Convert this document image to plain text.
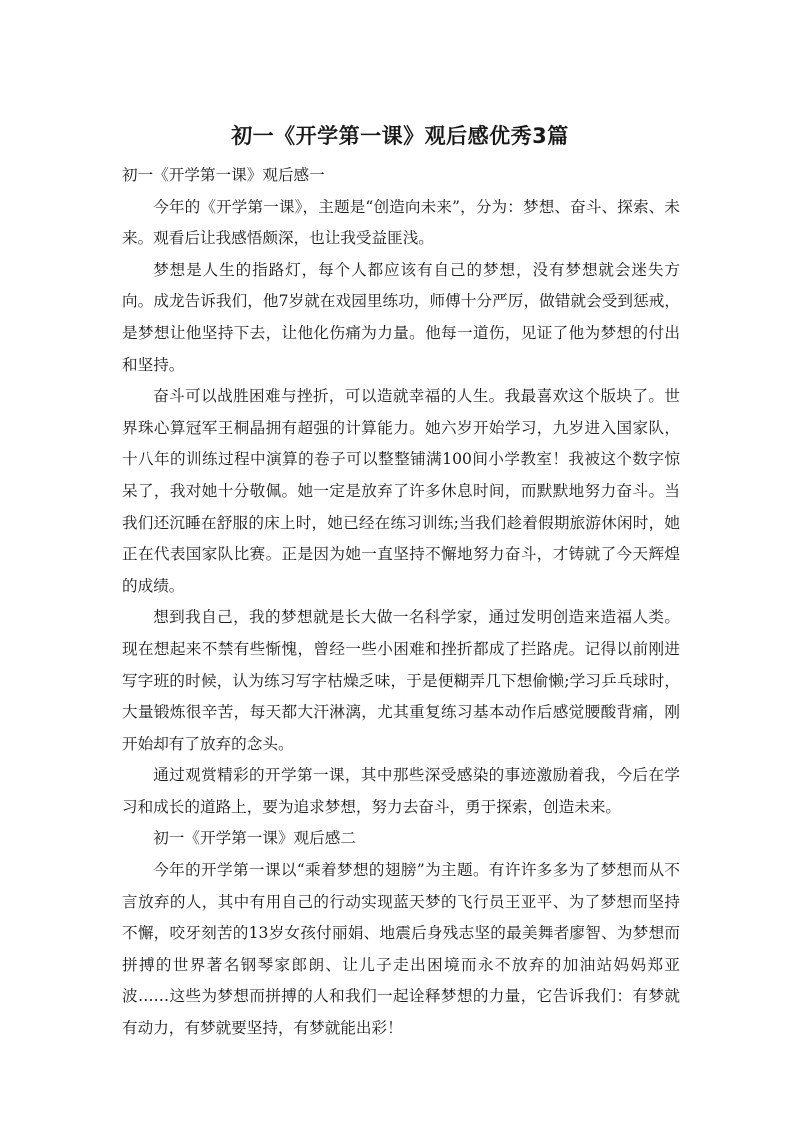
初一《开学第一课》观后感优秀3篇

初一《开学第一课》观后感一

今年的《开学第一课》，主题是“创造向未来”，分为：梦想、奋斗、探索、未来。观看后让我感悟颇深，也让我受益匪浅。

梦想是人生的指路灯，每个人都应该有自己的梦想，没有梦想就会迷失方向。成龙告诉我们，他7岁就在戏园里练功，师傅十分严厉，做错就会受到惩戒，是梦想让他坚持下去，让他化伤痛为力量。他每一道伤，见证了他为梦想的付出和坚持。

奋斗可以战胜困难与挫折，可以造就幸福的人生。我最喜欢这个版块了。世界珠心算冠军王桐晶拥有超强的计算能力。她六岁开始学习，九岁进入国家队，十八年的训练过程中演算的卷子可以整整铺满100间小学教室！我被这个数字惊呆了，我对她十分敬佩。她一定是放弃了许多休息时间，而默默地努力奋斗。当我们还沉睡在舒服的床上时，她已经在练习训练;当我们趁着假期旅游休闲时，她正在代表国家队比赛。正是因为她一直坚持不懈地努力奋斗，才铸就了今天辉煌的成绩。

想到我自己，我的梦想就是长大做一名科学家，通过发明创造来造福人类。现在想起来不禁有些惭愧，曾经一些小困难和挫折都成了拦路虎。记得以前刚进写字班的时候，认为练习写字枯燥乏味，于是便糊弄几下想偷懒;学习乒乓球时，大量锻炼很辛苦，每天都大汗淋漓，尤其重复练习基本动作后感觉腰酸背痛，刚开始却有了放弃的念头。

通过观赏精彩的开学第一课，其中那些深受感染的事迹激励着我，今后在学习和成长的道路上，要为追求梦想，努力去奋斗，勇于探索，创造未来。

初一《开学第一课》观后感二

今年的开学第一课以“乘着梦想的翅膀”为主题。有许许多多为了梦想而从不言放弃的人，其中有用自己的行动实现蓝天梦的飞行员王亚平、为了梦想而坚持不懈，咬牙刻苦的13岁女孩付丽娟、地震后身残志坚的最美舞者廖智、为梦想而拼搏的世界著名钢琴家郎朗、让儿子走出困境而永不放弃的加油站妈妈郑亚波……这些为梦想而拼搏的人和我们一起诠释梦想的力量，它告诉我们：有梦就有动力，有梦就要坚持，有梦就能出彩！
